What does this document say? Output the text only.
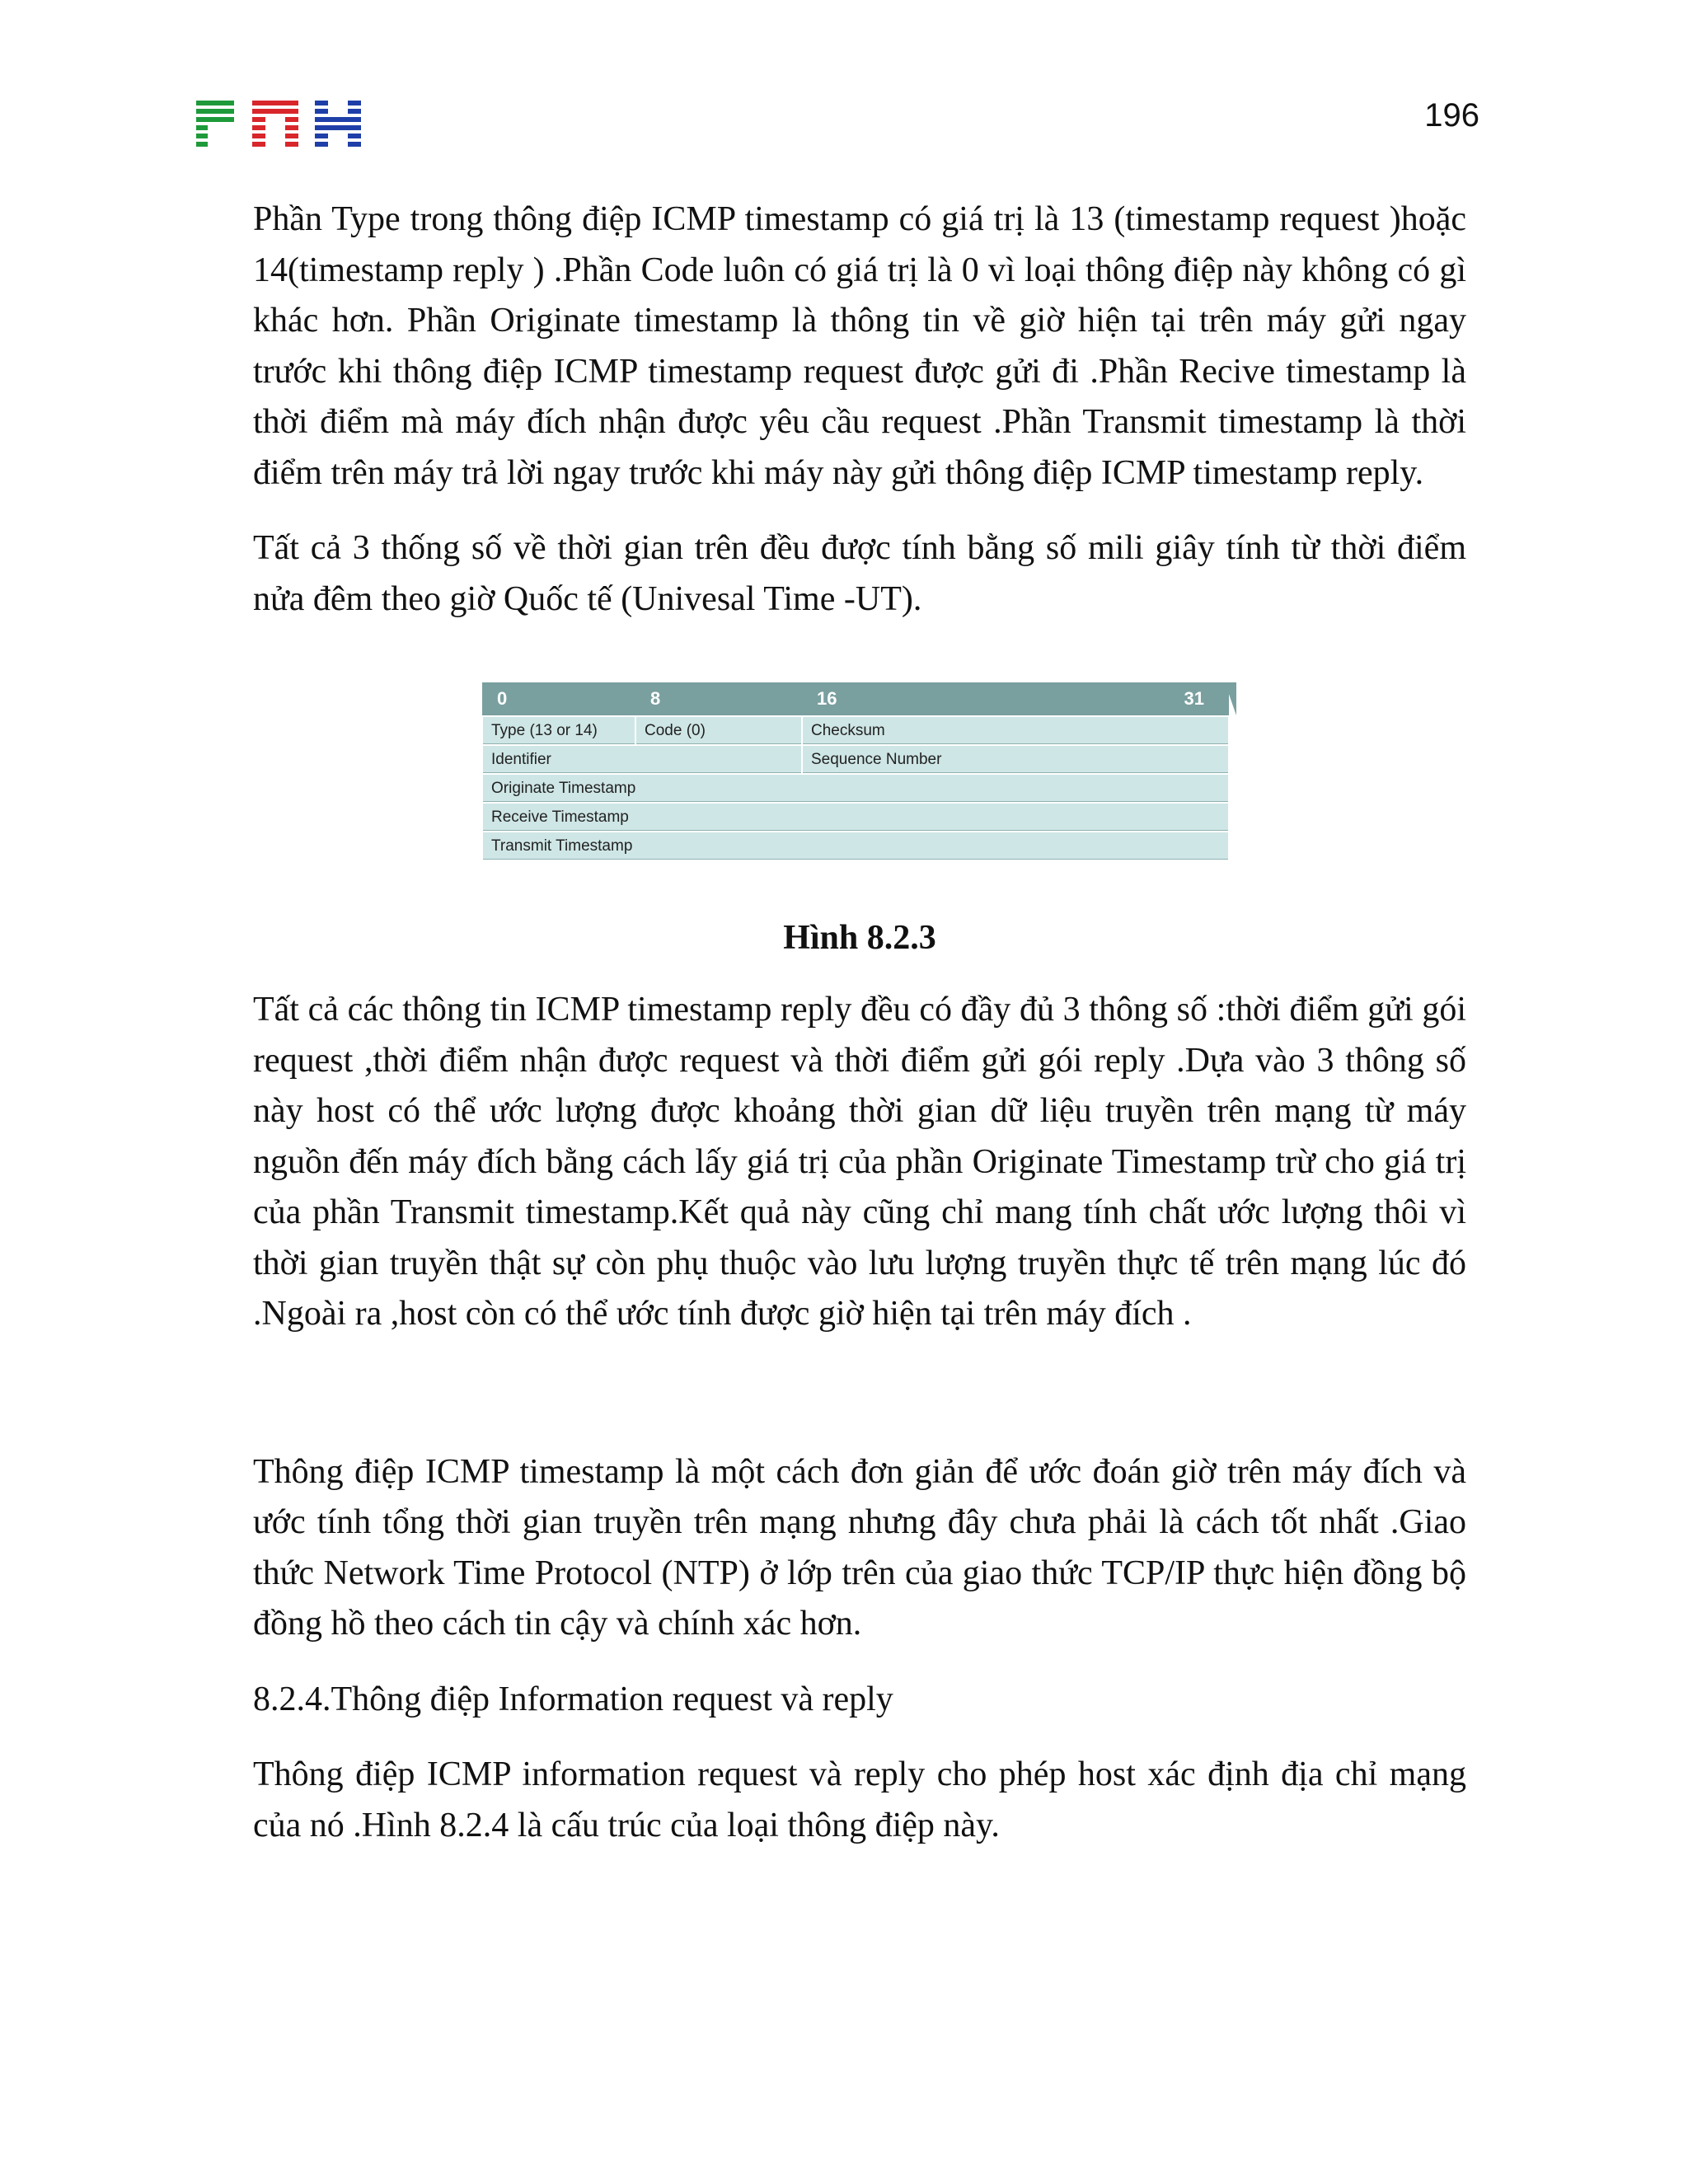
196

Phần Type trong thông điệp ICMP timestamp có giá trị là 13 (timestamp request )hoặc 14(timestamp reply ) .Phần Code luôn có giá trị là 0 vì loại thông điệp này không có gì khác hơn. Phần Originate timestamp là thông tin về giờ hiện tại trên máy gửi ngay trước khi thông điệp ICMP timestamp request được gửi đi .Phần Recive timestamp là thời điểm mà máy đích nhận được yêu cầu request .Phần Transmit timestamp là thời điểm trên máy trả lời ngay trước khi máy này gửi thông điệp ICMP timestamp reply.

Tất cả 3 thống số về thời gian trên đều được tính bằng số mili giây tính từ thời điểm nửa đêm theo giờ Quốc tế (Univesal Time -UT).

0	8	16 31

Type (13 or 14)	Code (0)	Checksum
Identifier		Sequence Number
Originate Timestamp		
Receive Timestamp		
Transmit Timestamp		
Hình 8.2.3

Tất cả các thông tin ICMP timestamp reply đều có đầy đủ 3 thông số :thời điểm gửi gói request ,thời điểm nhận được request và thời điểm gửi gói reply .Dựa vào 3 thông số này host có thể ước lượng được khoảng thời gian dữ liệu truyền trên mạng từ máy nguồn đến máy đích bằng cách lấy giá trị của phần Originate Timestamp trừ cho giá trị của phần Transmit timestamp.Kết quả này cũng chỉ mang tính chất ước lượng thôi vì thời gian truyền thật sự còn phụ thuộc vào lưu lượng truyền thực tế trên mạng lúc đó .Ngoài ra ,host còn có thể ước tính được giờ hiện tại trên máy đích .

Thông điệp ICMP timestamp là một cách đơn giản để ước đoán giờ trên máy đích và ước tính tổng thời gian truyền trên mạng nhưng đây chưa phải là cách tốt nhất .Giao thức Network Time Protocol (NTP) ở lớp trên của giao thức TCP/IP thực hiện đồng bộ đồng hồ theo cách tin cậy và chính xác hơn.

8.2.4.Thông điệp Information request và reply

Thông điệp ICMP information request và reply cho phép host xác định địa chỉ mạng của nó .Hình 8.2.4 là cấu trúc của loại thông điệp này.
